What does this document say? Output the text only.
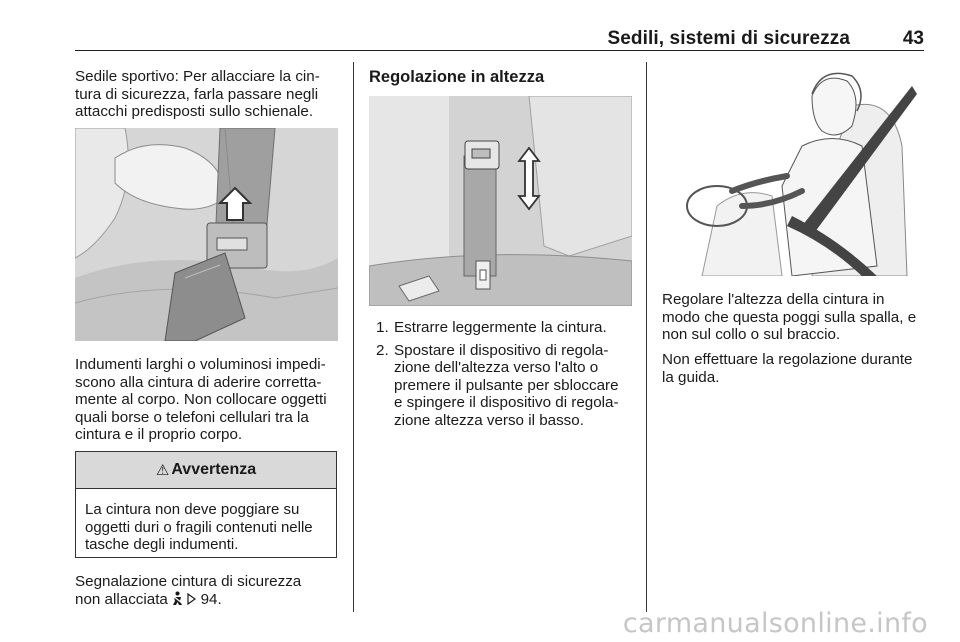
Sedili, sistemi di sicurezza	43

Sedile sportivo: Per allacciare la cin-

tura di sicurezza, farla passare negli

attacchi predisposti sullo schienale.

Indumenti larghi o voluminosi impedi-

scono alla cintura di aderire corretta-

mente al corpo. Non collocare oggetti

quali borse o telefoni cellulari tra la

cintura e il proprio corpo.

⚠ Avvertenza

La cintura non deve poggiare su

oggetti duri o fragili contenuti nelle

tasche degli indumenti.

Segnalazione cintura di sicurezza

non allacciata 94.

Regolazione in altezza
1. Estrarre leggermente la cintura.

2. Spostare il dispositivo di regola-

zione dell'altezza verso l'alto o

premere il pulsante per sbloccare

e spingere il dispositivo di regola-

zione altezza verso il basso.

Regolare l'altezza della cintura in

modo che questa poggi sulla spalla, e

non sul collo o sul braccio.

Non effettuare la regolazione durante

la guida.

carmanualsonline.info
